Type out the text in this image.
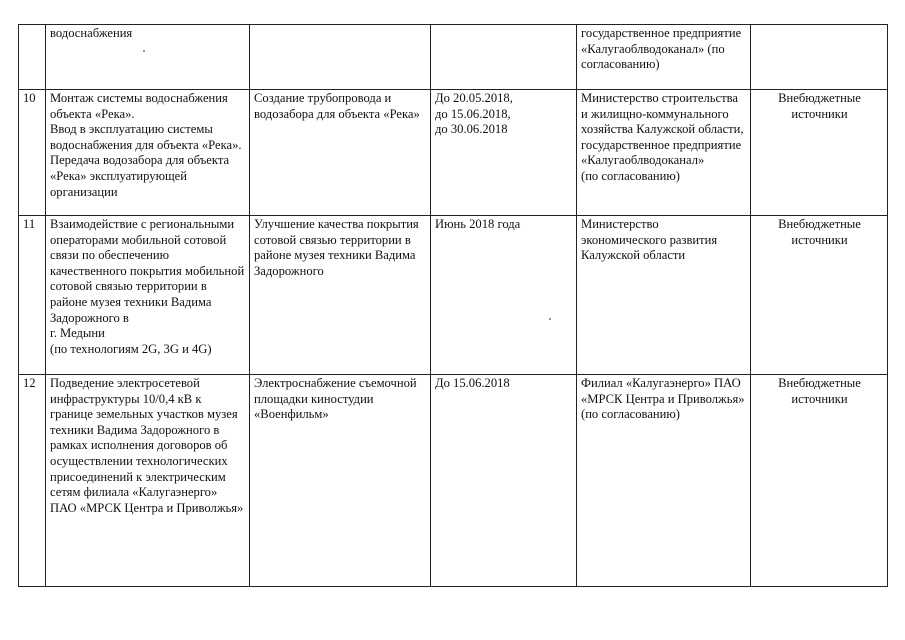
	водоснабжения			государственное предприятие «Калугаоблводоканал» (по согласованию)	
10	Монтаж системы водоснабжения объекта «Река».
Ввод в эксплуатацию системы водоснабжения для объекта «Река».
Передача водозабора для объекта «Река» эксплуатирующей организации	Создание трубопровода и водозабора для объекта «Река»	До 20.05.2018,
до 15.06.2018,
до 30.06.2018	Министерство строительства и жилищно-коммунального хозяйства Калужской области, государственное предприятие «Калугаоблводоканал»
(по согласованию)	Внебюджетные источники
11	Взаимодействие с региональными операторами мобильной сотовой связи по обеспечению качественного покрытия мобильной сотовой связью территории в районе музея техники Вадима Задорожного в
г. Медыни
(по технологиям 2G, 3G и 4G)	Улучшение качества покрытия сотовой связью территории в районе музея техники Вадима Задорожного	Июнь 2018 года	Министерство экономического развития Калужской области	Внебюджетные источники
12	Подведение электросетевой инфраструктуры 10/0,4 кВ к границе земельных участков музея техники Вадима Задорожного в рамках исполнения договоров об осуществлении технологических присоединений к электрическим сетям филиала «Калугаэнерго»
ПАО «МРСК Центра и Приволжья»	Электроснабжение съемочной площадки киностудии «Военфильм»	До 15.06.2018	Филиал «Калугаэнерго» ПАО «МРСК Центра и Приволжья» (по согласованию)	Внебюджетные источники
